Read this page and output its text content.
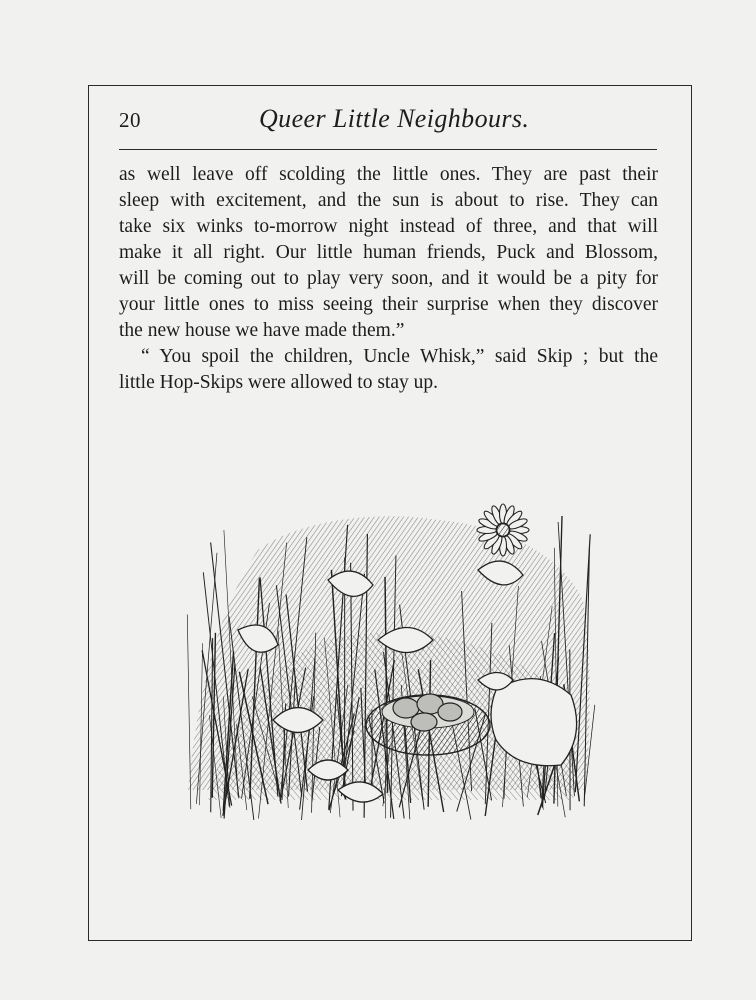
20	Queer Little Neighbours.
as well leave off scolding the little ones. They are past their
sleep with excitement, and the sun is about to rise. They can
take six winks to-morrow night instead of three, and that will
make it all right. Our little human friends, Puck and Blossom,
will be coming out to play very soon, and it would be a pity for
your little ones to miss seeing their surprise when they discover
the new house we have made them.”
“ You spoil the children, Uncle Whisk,” said Skip ; but the
little Hop-Skips were allowed to stay up.
